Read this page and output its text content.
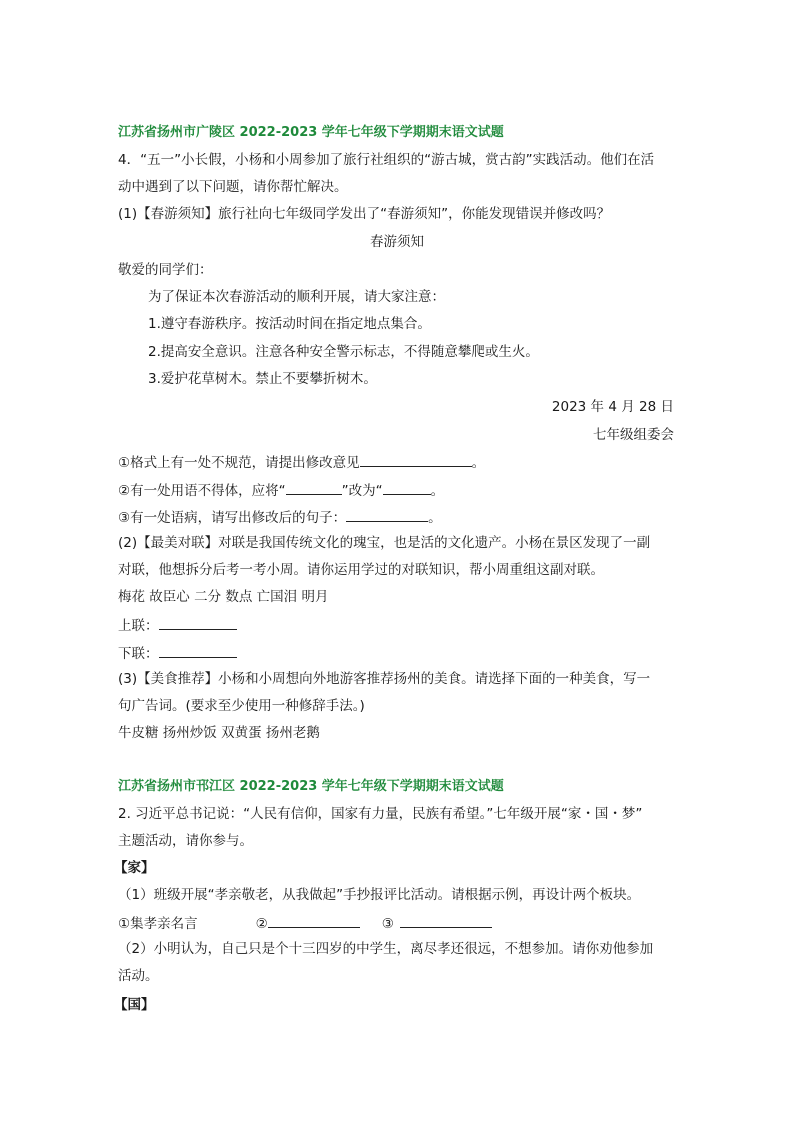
江苏省扬州市广陵区 2022-2023 学年七年级下学期期末语文试题
4．“五一”小长假，小杨和小周参加了旅行社组织的“游古城，赏古韵”实践活动。他们在活
动中遇到了以下问题，请你帮忙解决。
(1)【春游须知】旅行社向七年级同学发出了“春游须知”，你能发现错误并修改吗？
春游须知
敬爱的同学们：
为了保证本次春游活动的顺利开展，请大家注意：
1.遵守春游秩序。按活动时间在指定地点集合。
2.提高安全意识。注意各种安全警示标志，不得随意攀爬或生火。
3.爱护花草树木。禁止不要攀折树木。
2023 年 4 月 28 日
七年级组委会
①格式上有一处不规范，请提出修改意见	。
②有一处用语不得体，应将“	”改为“	。
③有一处语病，请写出修改后的句子：	。
(2)【最美对联】对联是我国传统文化的瑰宝，也是活的文化遗产。小杨在景区发现了一副
对联，他想拆分后考一考小周。请你运用学过的对联知识，帮小周重组这副对联。
梅花 故臣心 二分 数点 亡国泪 明月
上联：
下联：
(3)【美食推荐】小杨和小周想向外地游客推荐扬州的美食。请选择下面的一种美食，写一
句广告词。(要求至少使用一种修辞手法。)
牛皮糖 扬州炒饭 双黄蛋 扬州老鹅
江苏省扬州市邗江区 2022-2023 学年七年级下学期期末语文试题
2. 习近平总书记说：“人民有信仰，国家有力量，民族有希望。”七年级开展“家・国・梦”
主题活动，请你参与。
【家】
（1）班级开展“孝亲敬老，从我做起”手抄报评比活动。请根据示例，再设计两个板块。
①集孝亲名言	②	③
（2）小明认为，自己只是个十三四岁的中学生，离尽孝还很远，不想参加。请你劝他参加
活动。
【国】
